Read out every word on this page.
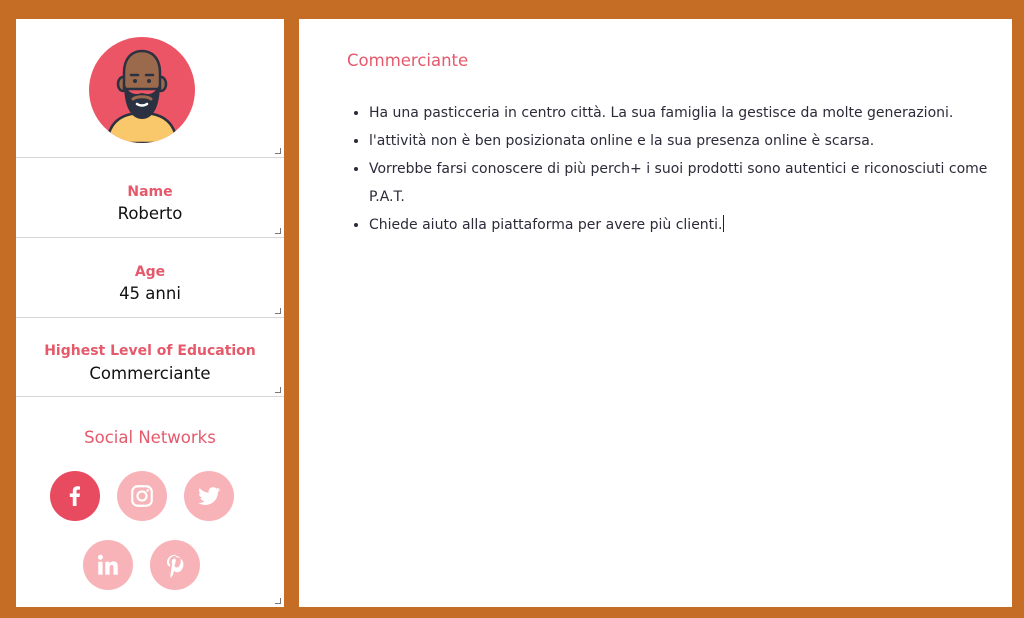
Name
Roberto
Age
45 anni
Highest Level of Education
Commerciante
Social Networks
Commerciante
• Ha una pasticceria in centro città. La sua famiglia la gestisce da molte generazioni.
• l'attività non è ben posizionata online e la sua presenza online è scarsa.
• Vorrebbe farsi conoscere di più perch+ i suoi prodotti sono autentici e riconosciuti come P.A.T.
• Chiede aiuto alla piattaforma per avere più clienti.
